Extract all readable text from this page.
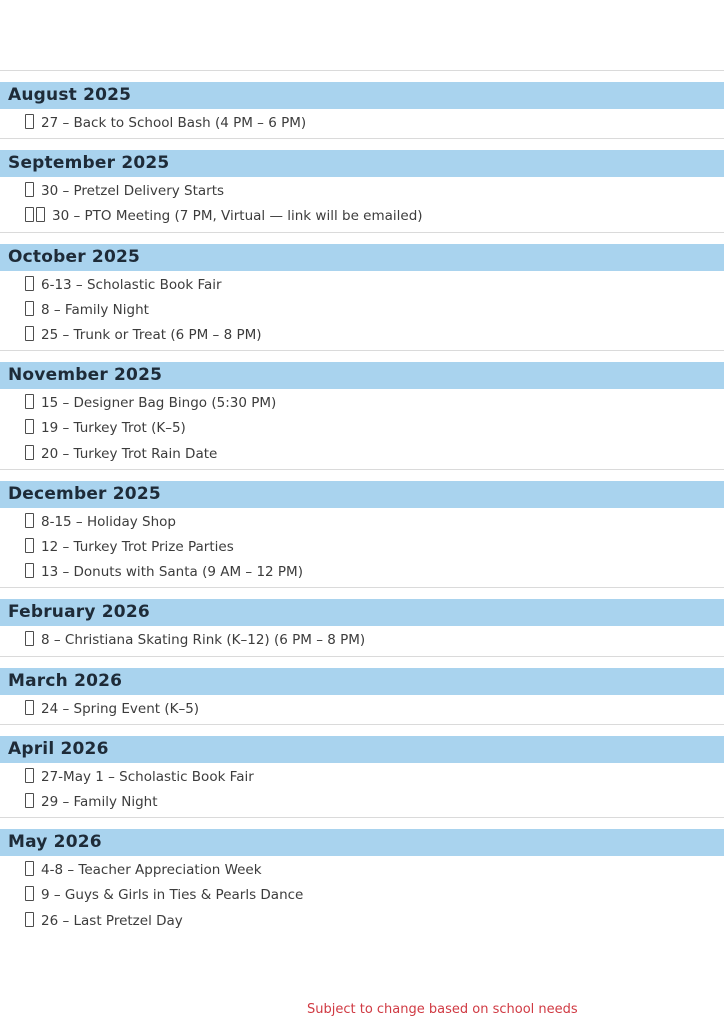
August 2025
27 – Back to School Bash (4 PM – 6 PM)
September 2025
30 – Pretzel Delivery Starts
30 – PTO Meeting (7 PM, Virtual — link will be emailed)
October 2025
6-13 – Scholastic Book Fair
8 – Family Night
25 – Trunk or Treat (6 PM – 8 PM)
November 2025
15 – Designer Bag Bingo (5:30 PM)
19 – Turkey Trot (K–5)
20 – Turkey Trot Rain Date
December 2025
8-15 – Holiday Shop
12 – Turkey Trot Prize Parties
13 – Donuts with Santa (9 AM – 12 PM)
February 2026
8 – Christiana Skating Rink (K–12) (6 PM – 8 PM)
March 2026
24 – Spring Event (K–5)
April 2026
27-May 1 – Scholastic Book Fair
29 – Family Night
May 2026
4-8 – Teacher Appreciation Week
9 – Guys & Girls in Ties & Pearls Dance
26 – Last Pretzel Day
Subject to change based on school needs
